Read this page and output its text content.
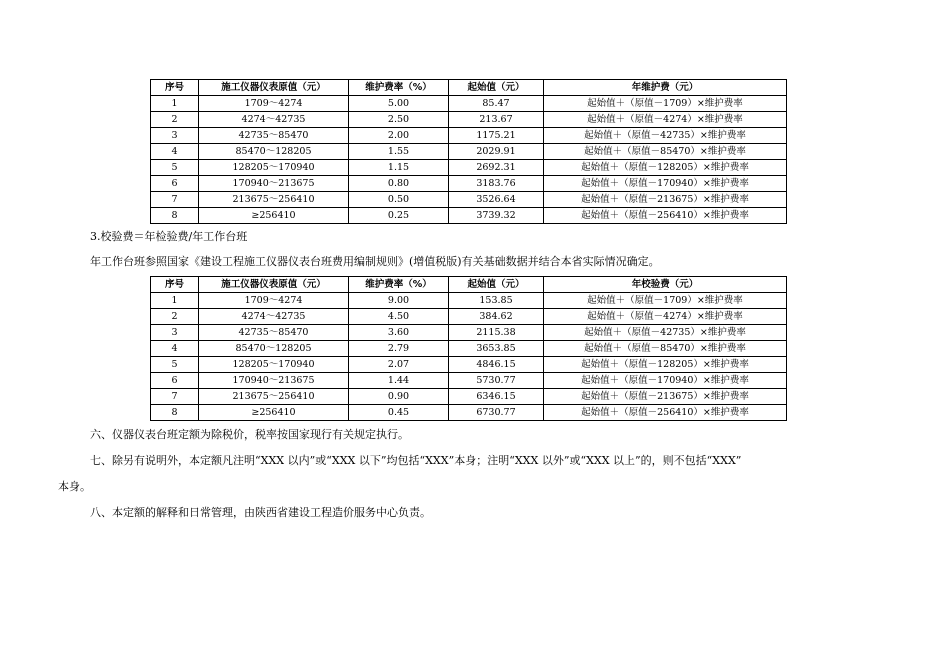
序号	施工仪器仪表原值（元）	维护费率（%）	起始值（元）	年维护费（元）
1	1709～4274	5.00	85.47	起始值＋（原值－1709）×维护费率
2	4274～42735	2.50	213.67	起始值＋（原值－4274）×维护费率
3	42735～85470	2.00	1175.21	起始值＋（原值－42735）×维护费率
4	85470～128205	1.55	2029.91	起始值＋（原值－85470）×维护费率
5	128205～170940	1.15	2692.31	起始值＋（原值－128205）×维护费率
6	170940～213675	0.80	3183.76	起始值＋（原值－170940）×维护费率
7	213675～256410	0.50	3526.64	起始值＋（原值－213675）×维护费率
8	≥256410	0.25	3739.32	起始值＋（原值－256410）×维护费率
3.校验费＝年检验费/年工作台班
年工作台班参照国家《建设工程施工仪器仪表台班费用编制规则》(增值税版)有关基础数据并结合本省实际情况确定。
序号	施工仪器仪表原值（元）	维护费率（%）	起始值（元）	年校验费（元）
1	1709～4274	9.00	153.85	起始值＋（原值－1709）×维护费率
2	4274～42735	4.50	384.62	起始值＋（原值－4274）×维护费率
3	42735～85470	3.60	2115.38	起始值＋（原值－42735）×维护费率
4	85470～128205	2.79	3653.85	起始值＋（原值－85470）×维护费率
5	128205～170940	2.07	4846.15	起始值＋（原值－128205）×维护费率
6	170940～213675	1.44	5730.77	起始值＋（原值－170940）×维护费率
7	213675～256410	0.90	6346.15	起始值＋（原值－213675）×维护费率
8	≥256410	0.45	6730.77	起始值＋（原值－256410）×维护费率
六、仪器仪表台班定额为除税价，税率按国家现行有关规定执行。
七、除另有说明外，本定额凡注明“XXX 以内”或“XXX 以下”均包括“XXX”本身；注明“XXX 以外”或“XXX 以上”的，则不包括“XXX”
本身。
八、本定额的解释和日常管理，由陕西省建设工程造价服务中心负责。
